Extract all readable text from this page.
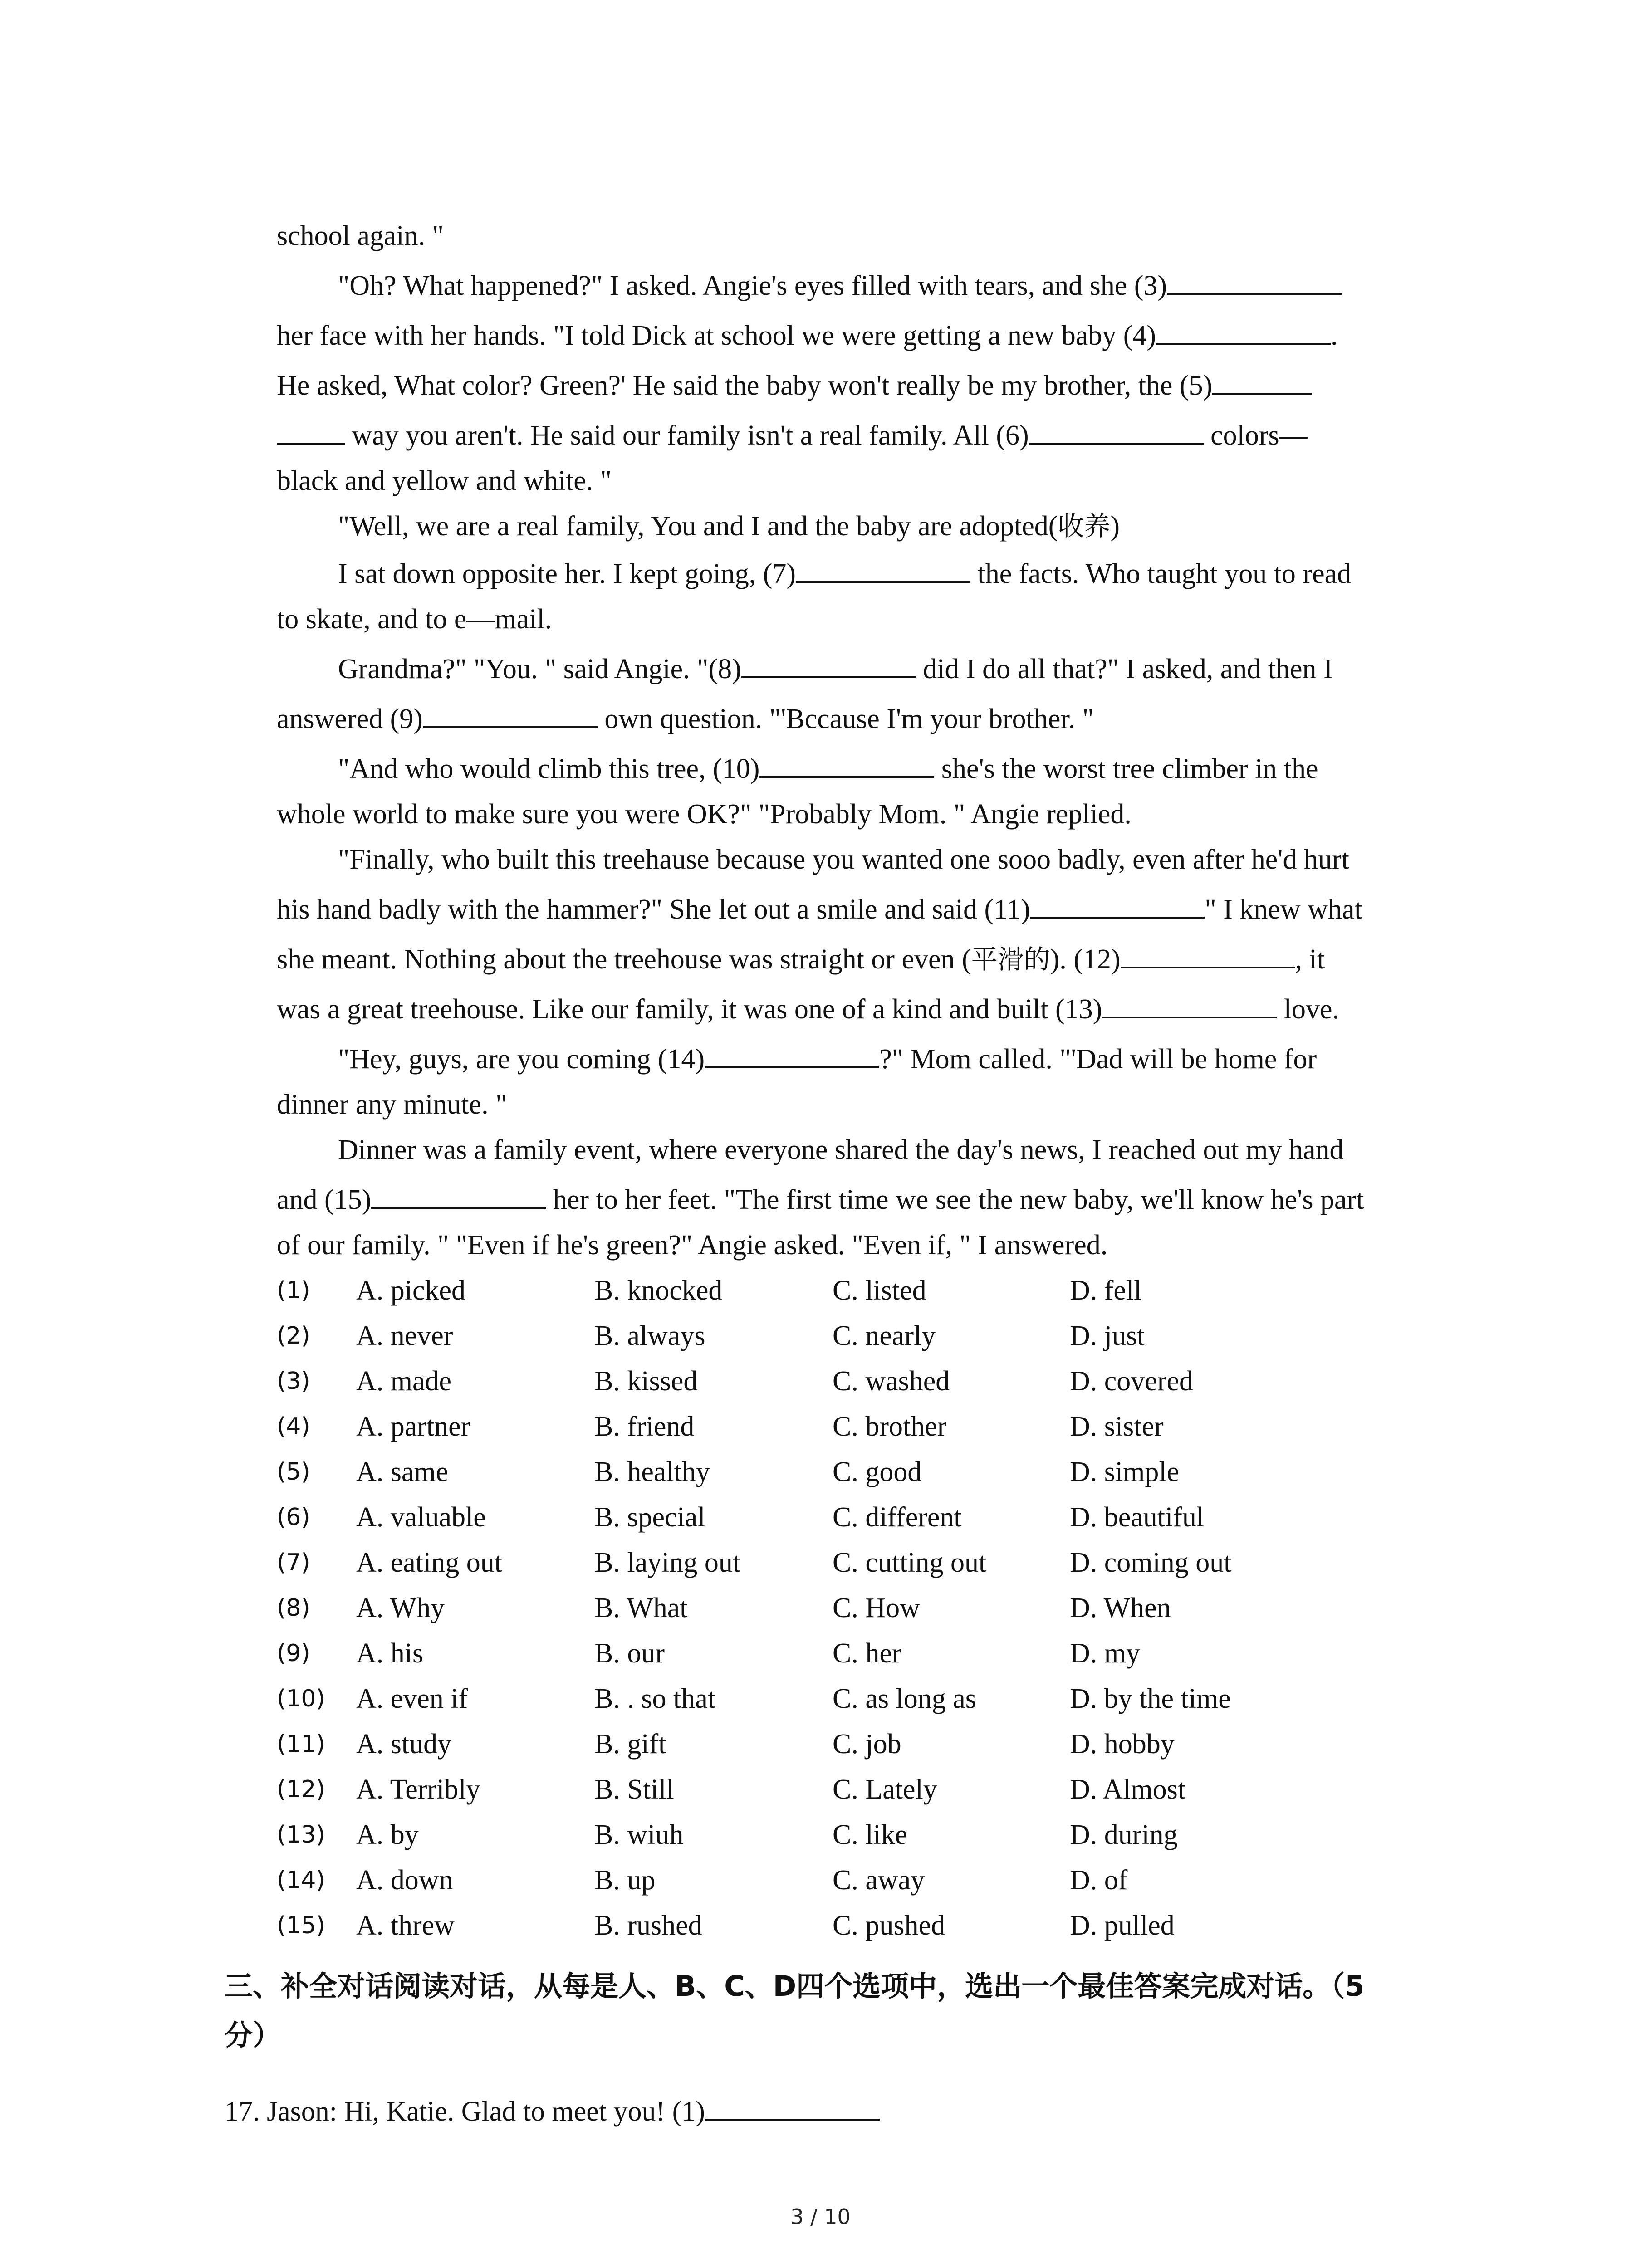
school again. "

"Oh? What happened?" I asked. Angie's eyes filled with tears, and she (3)

her face with her hands. "I told Dick at school we were getting a new baby (4)	.

He asked, What color? Green?' He said the baby won't really be my brother, the (5)

way you aren't. He said our family isn't a real family. All (6)	colors—

black and yellow and white. "

"Well, we are a real family, You and I and the baby are adopted(收养)

I sat down opposite her. I kept going, (7)	the facts. Who taught you to read

to skate, and to e—mail.

Grandma?" "You. " said Angie. "(8)	did I do all that?" I asked, and then I

answered (9)	own question. "'Bccause I'm your brother. "

"And who would climb this tree, (10)	she's the worst tree climber in the

whole world to make sure you were OK?" "Probably Mom. " Angie replied.

"Finally, who built this treehause because you wanted one sooo badly, even after he'd hurt

his hand badly with the hammer?" She let out a smile and said (11)	" I knew what

she meant. Nothing about the treehouse was straight or even (平滑的). (12)	, it

was a great treehouse. Like our family, it was one of a kind and built (13)	love.

"Hey, guys, are you coming (14)	?" Mom called. "'Dad will be home for

dinner any minute. "

Dinner was a family event, where everyone shared the day's news, I reached out my hand

and (15)	her to her feet. "The first time we see the new baby, we'll know he's part

of our family. " "Even if he's green?" Angie asked. "Even if, " I answered.

(1) A. picked	B. knocked	C. listed	D. fell
(2) A. never	B. always	C. nearly	D. just
(3) A. made	B. kissed	C. washed	D. covered
(4) A. partner	B. friend	C. brother	D. sister
(5) A. same	B. healthy	C. good	D. simple
(6) A. valuable	B. special	C. different	D. beautiful
(7) A. eating out	B. laying out	C. cutting out	D. coming out
(8) A. Why	B. What	C. How	D. When
(9) A. his	B. our	C. her	D. my
(10) A. even if	B. . so that	C. as long as	D. by the time
(11) A. study	B. gift	C. job	D. hobby
(12) A. Terribly	B. Still	C. Lately	D. Almost
(13) A. by	B. wiuh	C. like	D. during
(14) A. down	B. up	C. away	D. of
(15) A. threw	B. rushed	C. pushed	D. pulled

三、补全对话阅读对话，从每是人、B、C、D四个选项中，选出一个最佳答案完成对话。（5

分）

17. Jason: Hi, Katie. Glad to meet you! (1)

3 / 10
